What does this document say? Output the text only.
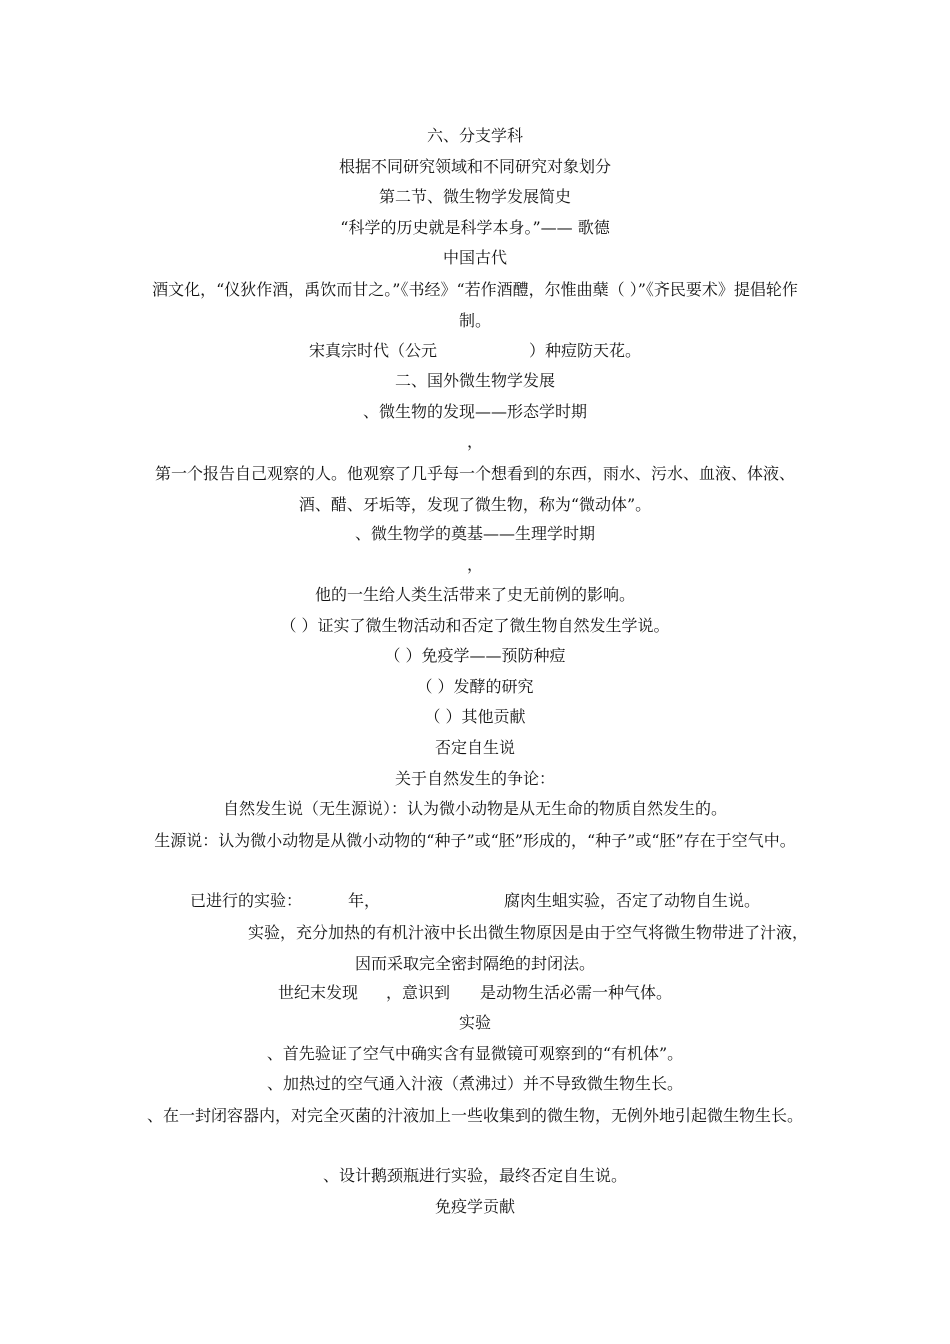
六、分支学科
根据不同研究领域和不同研究对象划分
第二节、微生物学发展简史
“科学的历史就是科学本身。”—— 歌德
中国古代
酒文化，“仪狄作酒，禹饮而甘之。”《书经》“若作酒醴，尔惟曲蘖（ ）”《齐民要术》提倡轮作制。
宋真宗时代（公元	）种痘防天花。
二、国外微生物学发展
、微生物的发现——形态学时期
，
第一个报告自己观察的人。他观察了几乎每一个想看到的东西，雨水、污水、血液、体液、酒、醋、牙垢等，发现了微生物，称为“微动体”。
、微生物学的奠基——生理学时期
，
他的一生给人类生活带来了史无前例的影响。
（ ）证实了微生物活动和否定了微生物自然发生学说。
（ ）免疫学——预防种痘
（ ）发酵的研究
（ ）其他贡献
否定自生说
关于自然发生的争论：
自然发生说（无生源说）：认为微小动物是从无生命的物质自然发生的。
生源说：认为微小动物是从微小动物的“种子”或“胚”形成的，“种子”或“胚”存在于空气中。
已进行的实验：	年，	腐肉生蛆实验，否定了动物自生说。
实验，充分加热的有机汁液中长出微生物原因是由于空气将微生物带进了汁液，因而采取完全密封隔绝的封闭法。
世纪末发现 ，意识到 是动物生活必需一种气体。
实验
、首先验证了空气中确实含有显微镜可观察到的“有机体”。
、加热过的空气通入汁液（煮沸过）并不导致微生物生长。
、在一封闭容器内，对完全灭菌的汁液加上一些收集到的微生物，无例外地引起微生物生长。
、设计鹅颈瓶进行实验，最终否定自生说。
免疫学贡献
